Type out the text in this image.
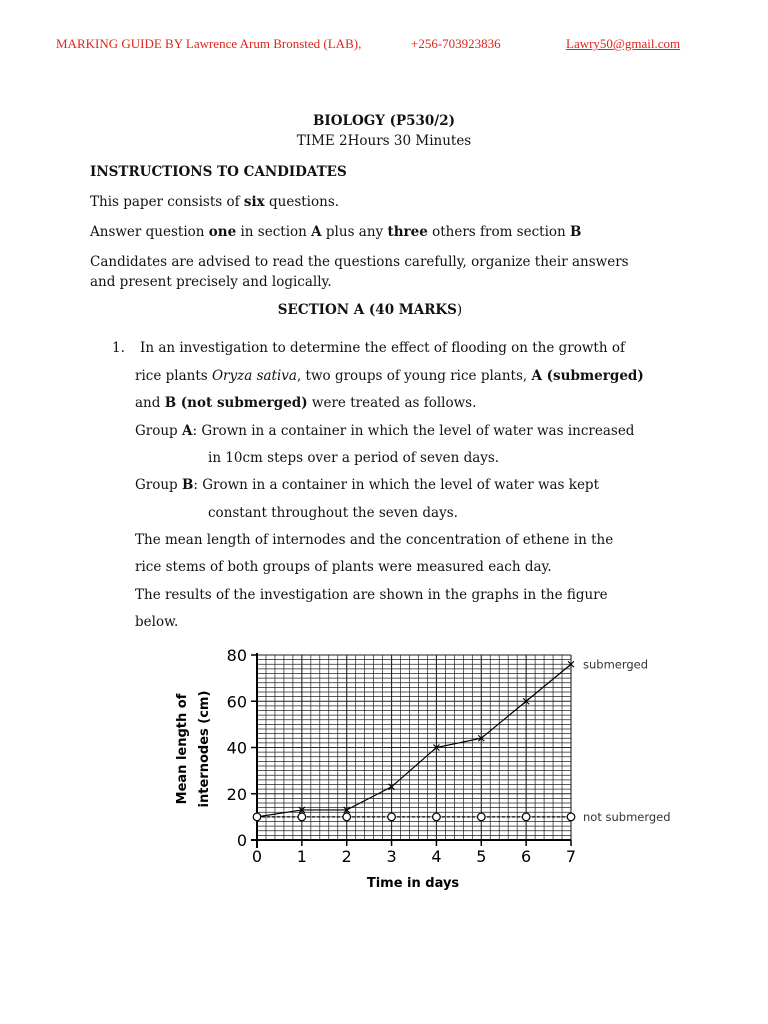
MARKING GUIDE BY Lawrence Arum Bronsted (LAB),	+256-703923836	Lawry50@gmail.com
BIOLOGY (P530/2)
TIME 2Hours 30 Minutes
INSTRUCTIONS TO CANDIDATES
This paper consists of six questions.
Answer question one in section A plus any three others from section B
Candidates are advised to read the questions carefully, organize their answers
and present precisely and logically.
SECTION A (40 MARKS)
1. In an investigation to determine the effect of flooding on the growth of
rice plants Oryza sativa, two groups of young rice plants, A (submerged)
and B (not submerged) were treated as follows.
Group A: Grown in a container in which the level of water was increased
in 10cm steps over a period of seven days.
Group B: Grown in a container in which the level of water was kept
constant throughout the seven days.
The mean length of internodes and the concentration of ethene in the
rice stems of both groups of plants were measured each day.
The results of the investigation are shown in the graphs in the figure
below.
0
20
40
60
80
0 1 2 3 4 5 6 7
submerged
not submerged
Mean length of internodes (cm)
Time in days
